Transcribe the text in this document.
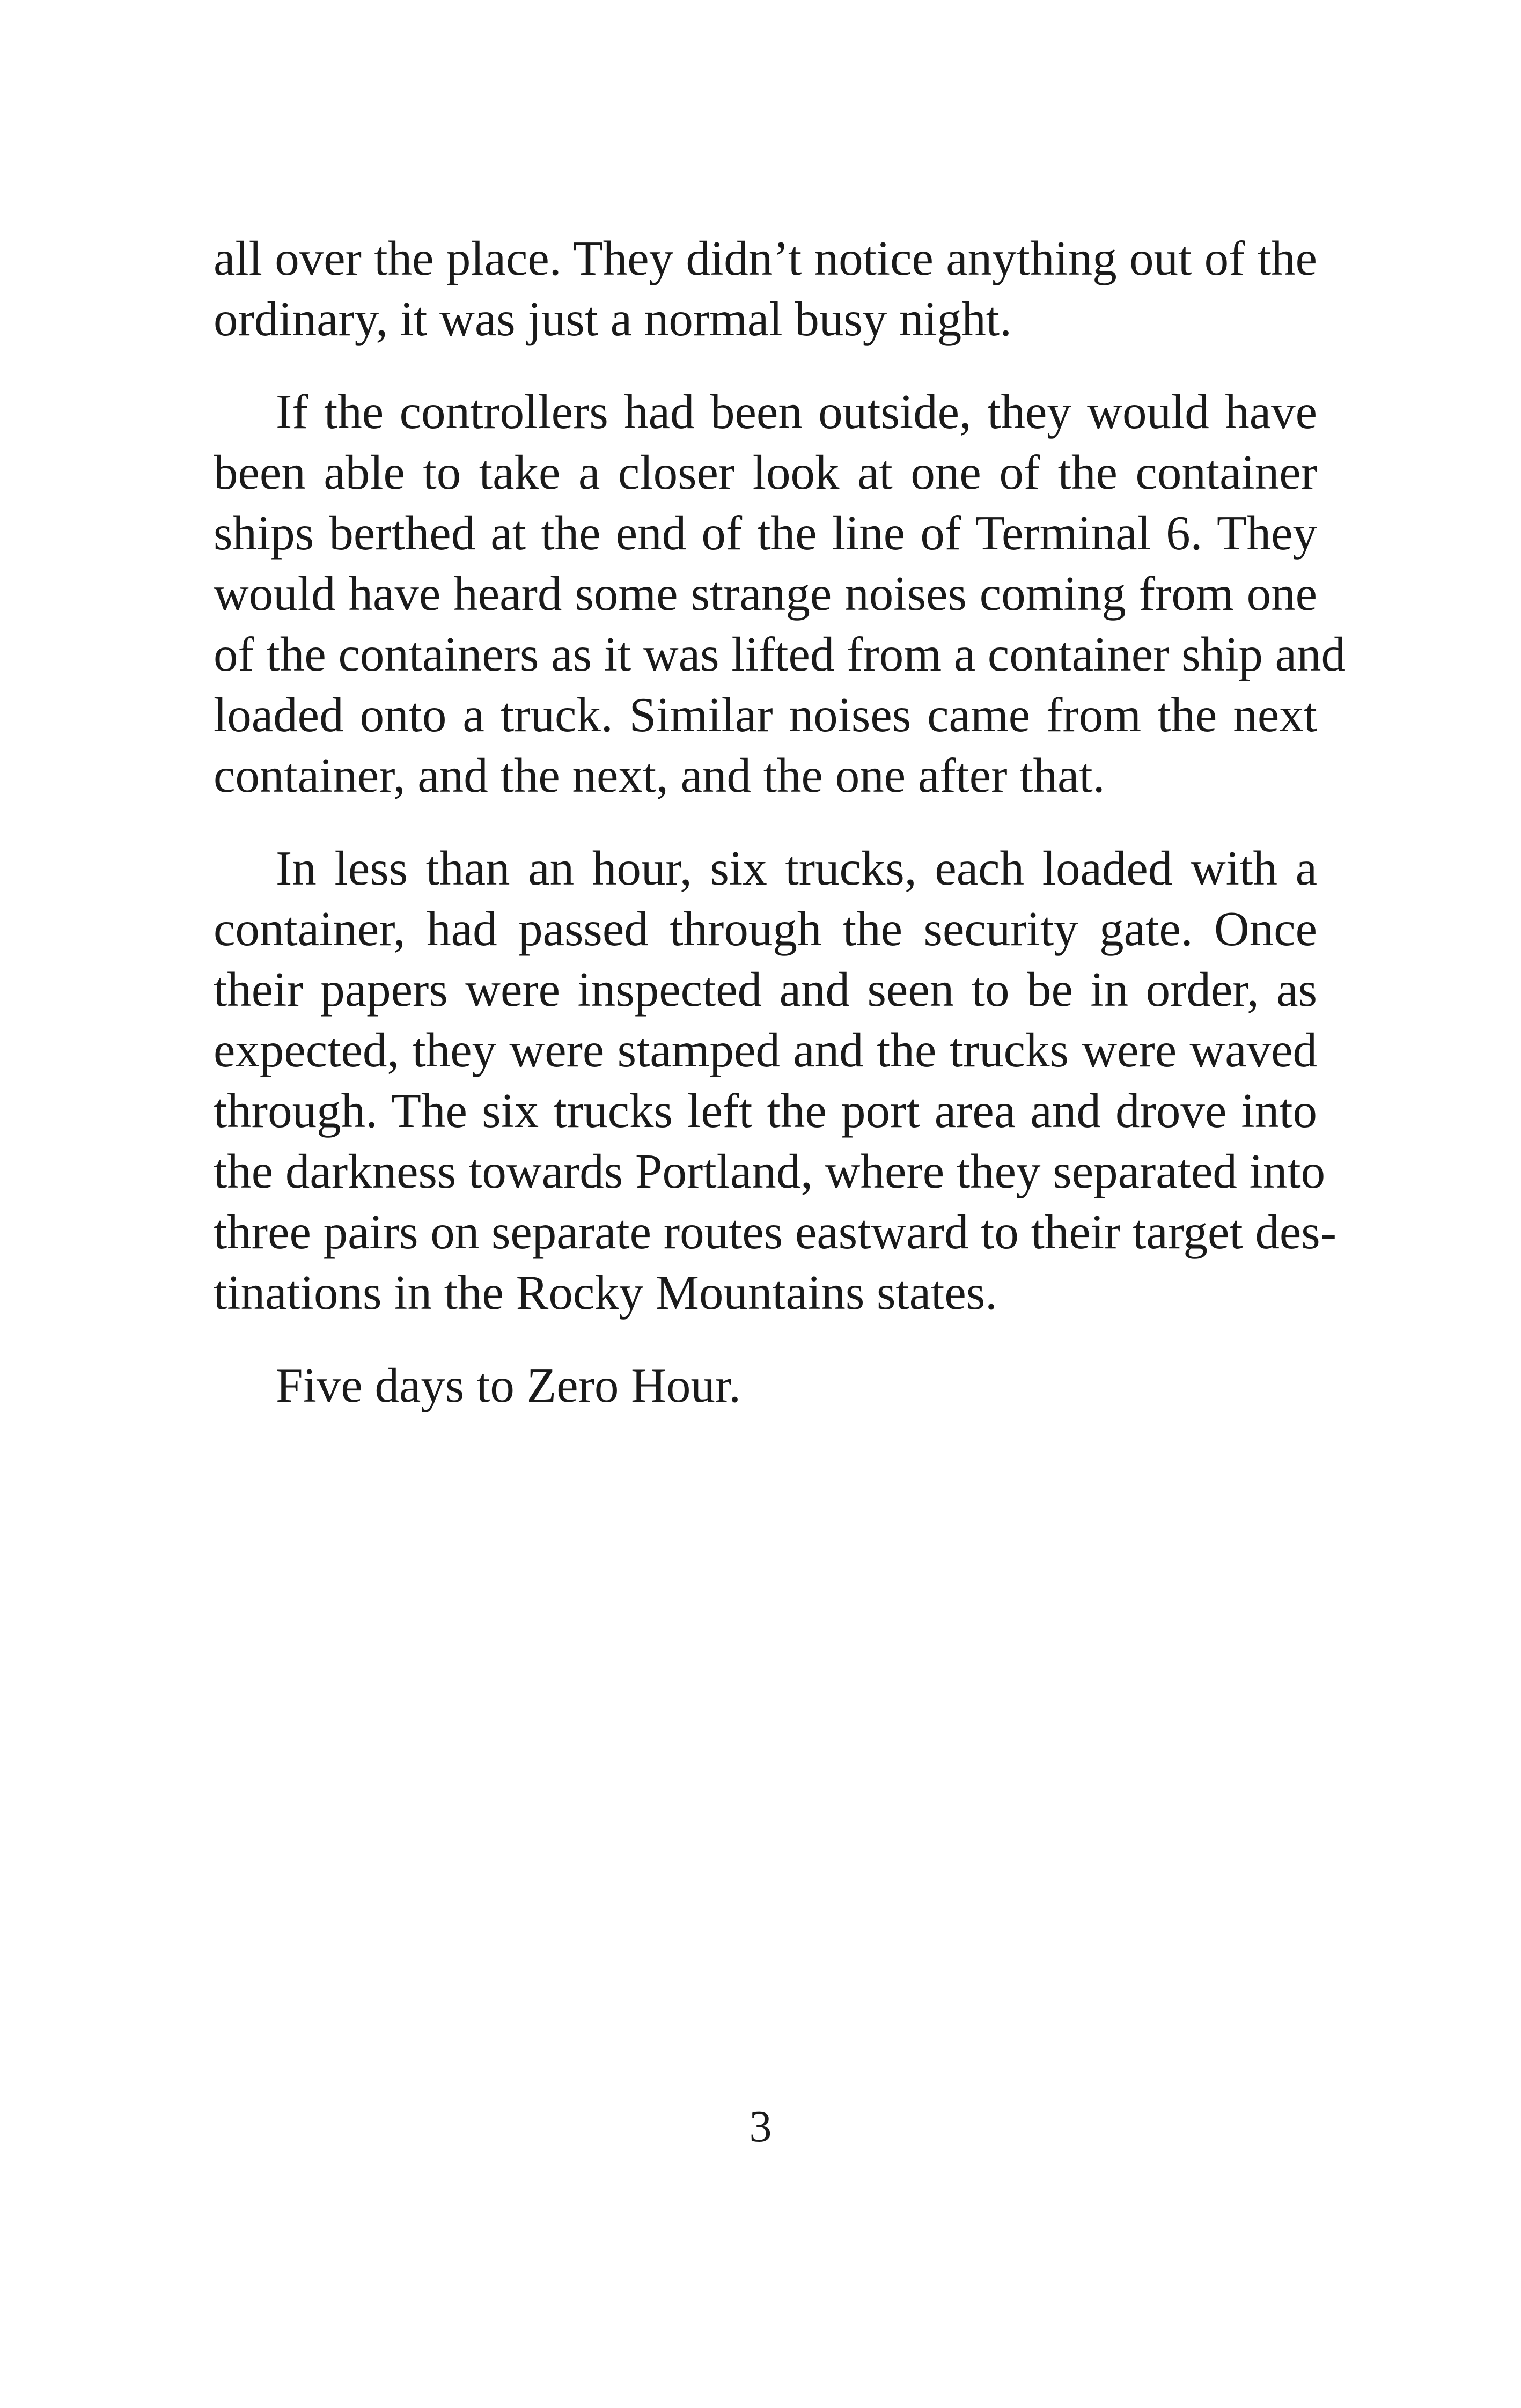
all over the place. They didn’t notice anything out of the
ordinary, it was just a normal busy night.

If the controllers had been outside, they would have
been able to take a closer look at one of the container
ships berthed at the end of the line of Terminal 6. They
would have heard some strange noises coming from one
of the containers as it was lifted from a container ship and
loaded onto a truck. Similar noises came from the next
container, and the next, and the one after that.

In less than an hour, six trucks, each loaded with a
container, had passed through the security gate. Once
their papers were inspected and seen to be in order, as
expected, they were stamped and the trucks were waved
through. The six trucks left the port area and drove into
the darkness towards Portland, where they separated into
three pairs on separate routes eastward to their target des-
tinations in the Rocky Mountains states.

Five days to Zero Hour.

3
